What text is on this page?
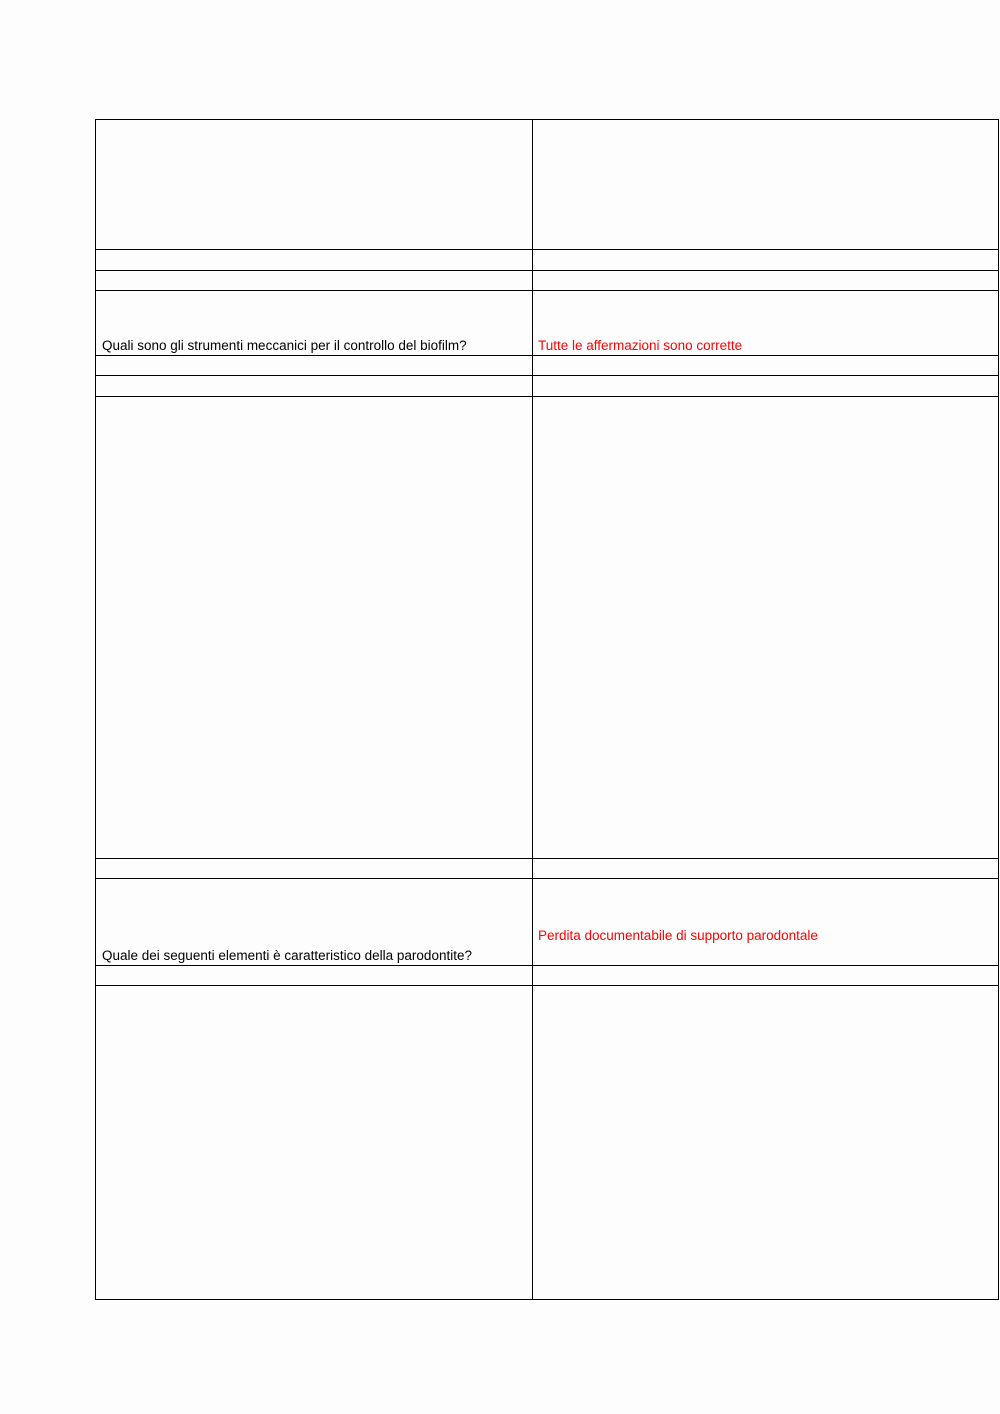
Quali sono gli strumenti meccanici per il controllo del biofilm?	Tutte le affermazioni sono corrette
Quale dei seguenti elementi è caratteristico della parodontite?
Perdita documentabile di supporto parodontale
